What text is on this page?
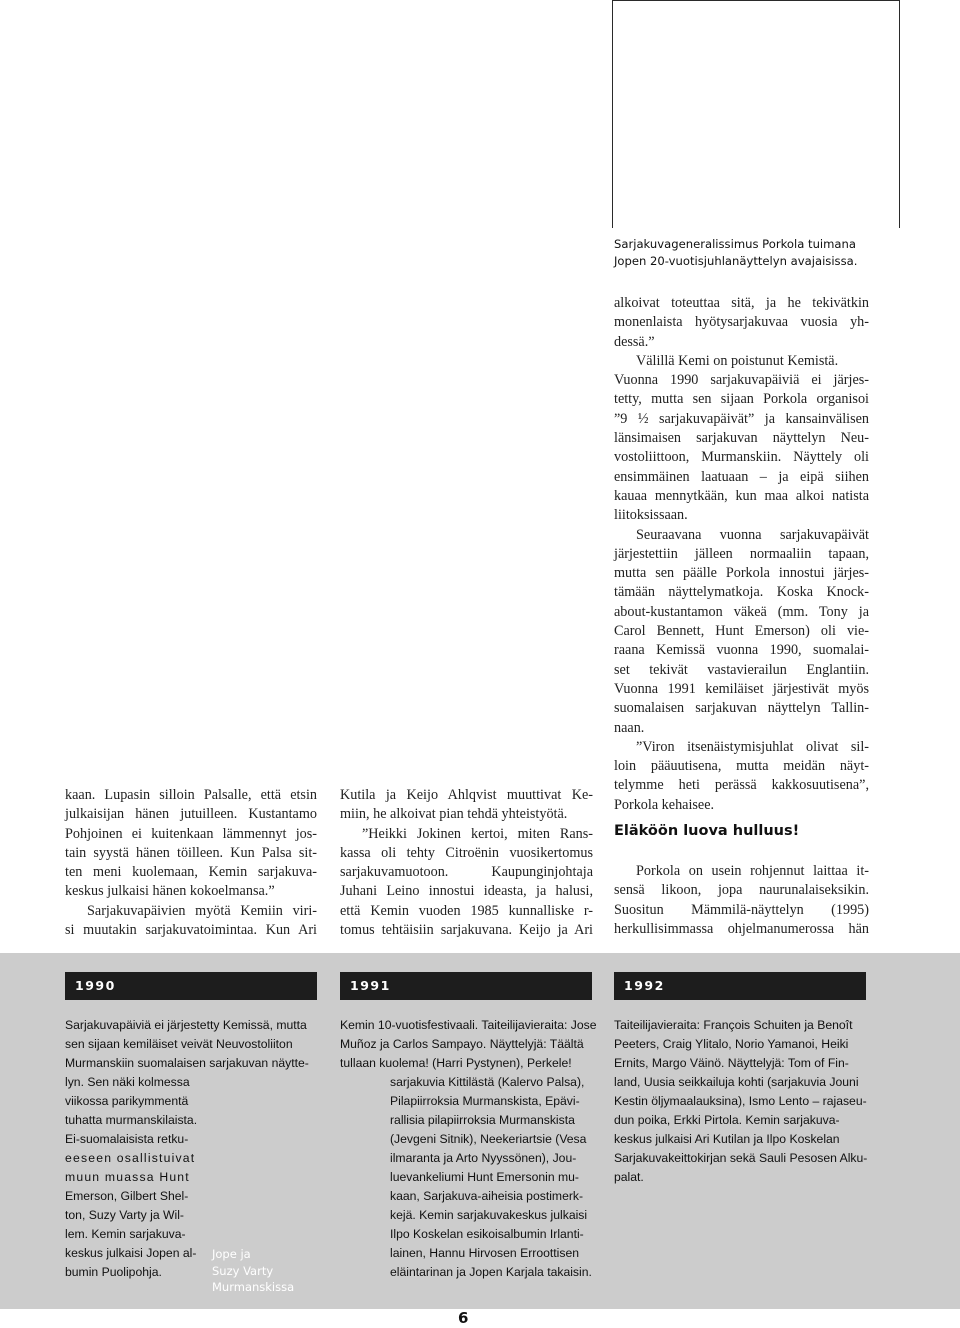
Sarjakuvageneralissimus Porkola tuimana
Jopen 20-vuotisjuhlanäyttelyn avajaisissa.
kaan. Lupasin silloin Palsalle, että etsin
julkaisijan hänen jutuilleen. Kustantamo
Pohjoinen ei kuitenkaan lämmennyt jos-
tain syystä hänen töilleen. Kun Palsa sit-
ten meni kuolemaan, Kemin sarjakuva-
keskus julkaisi hänen kokoelmansa.”
Sarjakuvapäivien myötä Kemiin viri-
si muutakin sarjakuvatoimintaa. Kun Ari
Kutila ja Keijo Ahlqvist muuttivat Ke-
miin, he alkoivat pian tehdä yhteistyötä.
”Heikki Jokinen kertoi, miten Rans-
kassa oli tehty Citroënin vuosikertomus
sarjakuvamuotoon. Kaupunginjohtaja
Juhani Leino innostui ideasta, ja halusi,
että Kemin vuoden 1985 kunnalliske r-
tomus tehtäisiin sarjakuvana. Keijo ja Ari
alkoivat toteuttaa sitä, ja he tekivätkin
monenlaista hyötysarjakuvaa vuosia yh-
dessä.”
Välillä Kemi on poistunut Kemistä.
Vuonna 1990 sarjakuvapäiviä ei järjes-
tetty, mutta sen sijaan Porkola organisoi
”9 ½ sarjakuvapäivät” ja kansainvälisen
länsimaisen sarjakuvan näyttelyn Neu-
vostoliittoon, Murmanskiin. Näyttely oli
ensimmäinen laatuaan – ja eipä siihen
kauaa mennytkään, kun maa alkoi natista
liitoksissaan.
Seuraavana vuonna sarjakuvapäivät
järjestettiin jälleen normaaliin tapaan,
mutta sen päälle Porkola innostui järjes-
tämään näyttelymatkoja. Koska Knock-
about-kustantamon väkeä (mm. Tony ja
Carol Bennett, Hunt Emerson) oli vie-
raana Kemissä vuonna 1990, suomalai-
set tekivät vastavierailun Englantiin.
Vuonna 1991 kemiläiset järjestivät myös
suomalaisen sarjakuvan näyttelyn Tallin-
naan.
”Viron itsenäistymisjuhlat olivat sil-
loin pääuutisena, mutta meidän näyt-
telymme heti perässä kakkosuutisena”,
Porkola kehaisee.
Eläköön luova hulluus!
Porkola on usein rohjennut laittaa it-
sensä likoon, jopa naurunalaiseksikin.
Suositun Mämmilä-näyttelyn (1995)
herkullisimmassa ohjelmanumerossa hän
1990	1991	1992
Sarjakuvapäiviä ei järjestetty Kemissä, mutta
sen sijaan kemiläiset veivät Neuvostoliiton
Murmanskiin suomalaisen sarjakuvan näytte-
lyn. Sen näki kolmessa
viikossa parikymmentä
tuhatta murmanskilaista.
Ei-suomalaisista retku-
eeseen osallistuivat
muun muassa Hunt
Emerson, Gilbert Shel-
ton, Suzy Varty ja Wil-
lem. Kemin sarjakuva-
keskus julkaisi Jopen al-
bumin Puolipohja.
Kemin 10-vuotisfestivaali. Taiteilijavieraita: Jose
Muñoz ja Carlos Sampayo. Näyttelyjä: Täältä
tullaan kuolema! (Harri Pystynen), Perkele!
sarjakuvia Kittilästä (Kalervo Palsa),
Pilapiirroksia Murmanskista, Epävi-
rallisia pilapiirroksia Murmanskista
(Jevgeni Sitnik), Neekeriartsie (Vesa
ilmaranta ja Arto Nyyssönen), Jou-
luevankeliumi Hunt Emersonin mu-
kaan, Sarjakuva-aiheisia postimerk-
kejä. Kemin sarjakuvakeskus julkaisi
Ilpo Koskelan esikoisalbumin Irlanti-
lainen, Hannu Hirvosen Erroottisen
eläintarinan ja Jopen Karjala takaisin.
Taiteilijavieraita: François Schuiten ja Benoît
Peeters, Craig Ylitalo, Norio Yamanoi, Heiki
Ernits, Margo Väinö. Näyttelyjä: Tom of Fin-
land, Uusia seikkailuja kohti (sarjakuvia Jouni
Kestin öljymaalauksina), Ismo Lento – rajaseu-
dun poika, Erkki Pirtola. Kemin sarjakuva-
keskus julkaisi Ari Kutilan ja Ilpo Koskelan
Sarjakuvakeittokirjan sekä Sauli Pesosen Alku-
palat.
Jope ja
Suzy Varty
Murmanskissa
6
